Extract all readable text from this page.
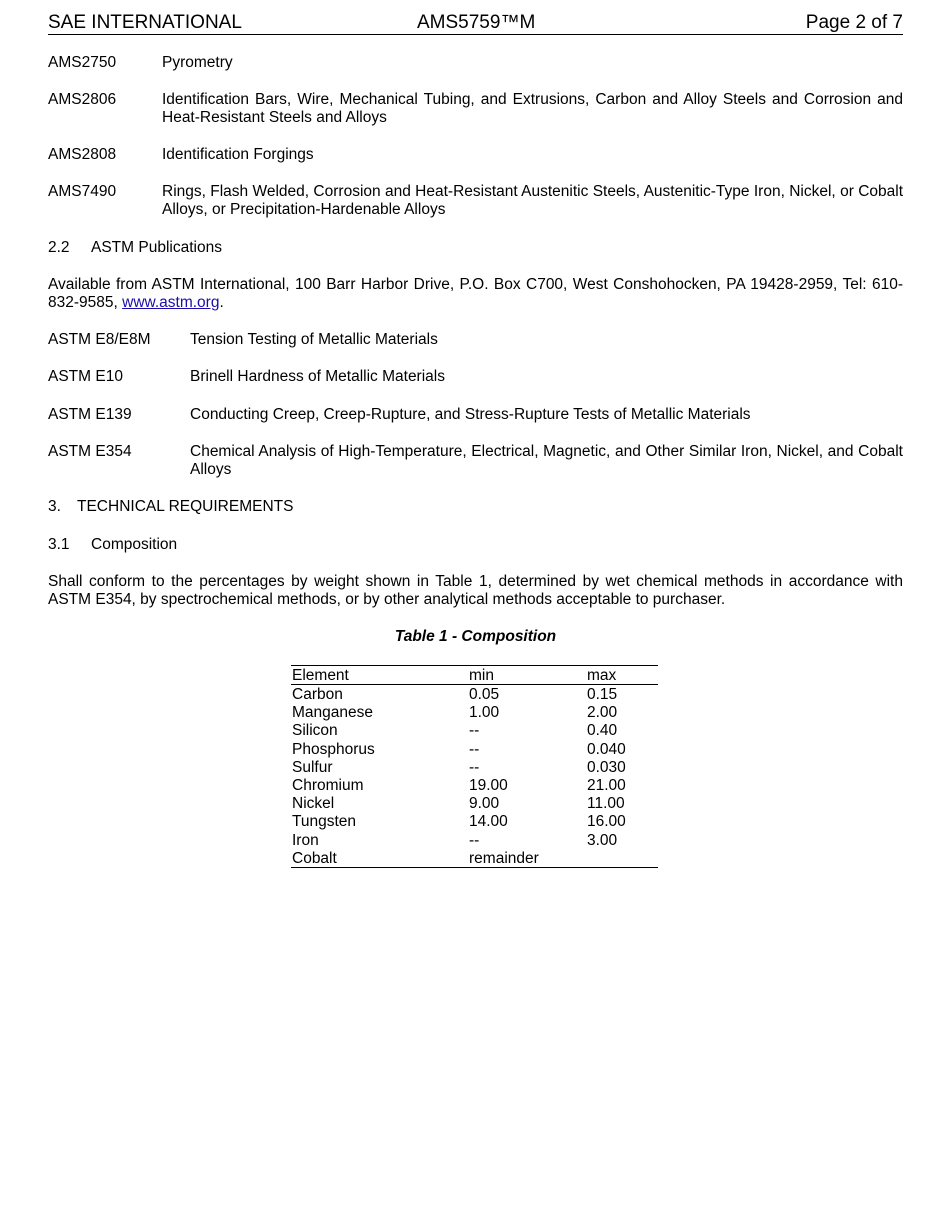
SAE INTERNATIONAL	AMS5759™M	Page 2 of 7
AMS2750	Pyrometry
AMS2806	Identification Bars, Wire, Mechanical Tubing, and Extrusions, Carbon and Alloy Steels and Corrosion and Heat-Resistant Steels and Alloys
AMS2808	Identification Forgings
AMS7490	Rings, Flash Welded, Corrosion and Heat-Resistant Austenitic Steels, Austenitic-Type Iron, Nickel, or Cobalt Alloys, or Precipitation-Hardenable Alloys
2.2 ASTM Publications
Available from ASTM International, 100 Barr Harbor Drive, P.O. Box C700, West Conshohocken, PA 19428-2959, Tel: 610-832-9585, www.astm.org.
ASTM E8/E8M	Tension Testing of Metallic Materials
ASTM E10	Brinell Hardness of Metallic Materials
ASTM E139	Conducting Creep, Creep-Rupture, and Stress-Rupture Tests of Metallic Materials
ASTM E354	Chemical Analysis of High-Temperature, Electrical, Magnetic, and Other Similar Iron, Nickel, and Cobalt Alloys
3. TECHNICAL REQUIREMENTS
3.1 Composition
Shall conform to the percentages by weight shown in Table 1, determined by wet chemical methods in accordance with ASTM E354, by spectrochemical methods, or by other analytical methods acceptable to purchaser.
Table 1 - Composition
Element	min	max
Carbon	0.05	0.15
Manganese	1.00	2.00
Silicon	--	0.40
Phosphorus	--	0.040
Sulfur	--	0.030
Chromium	19.00	21.00
Nickel	9.00	11.00
Tungsten	14.00	16.00
Iron	--	3.00
Cobalt	remainder
